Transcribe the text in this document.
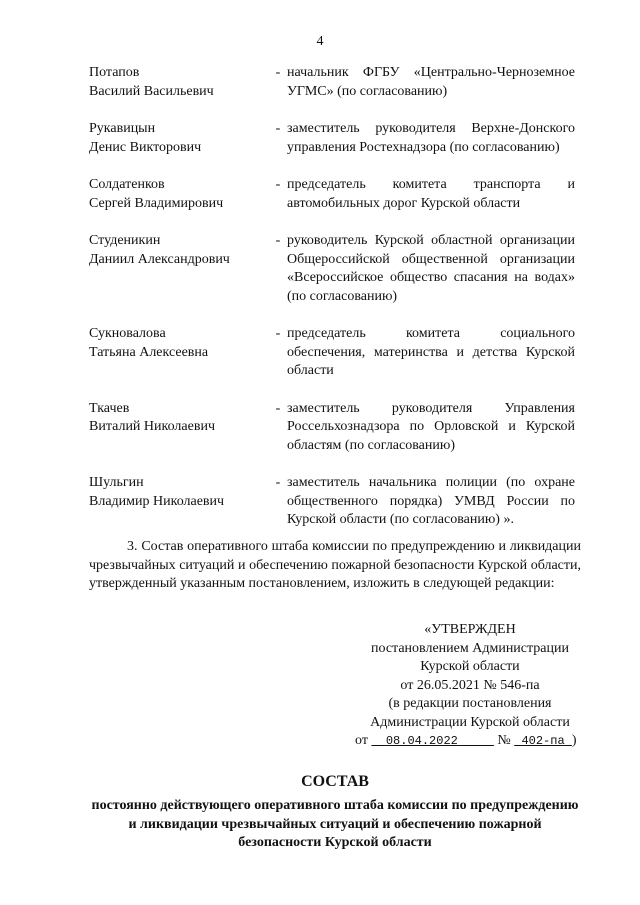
4
Потапов
Василий Васильевич
- начальник ФГБУ «Центрально-Черноземное УГМС» (по согласованию)
Рукавицын
Денис Викторович
- заместитель руководителя Верхне-Донского управления Ростехнадзора (по согласованию)
Солдатенков
Сергей Владимирович
- председатель комитета транспорта и автомобильных дорог Курской области
Студеникин
Даниил Александрович
- руководитель Курской областной организации Общероссийской общественной организации «Всероссийское общество спасания на водах» (по согласованию)
Сукновалова
Татьяна Алексеевна
- председатель комитета социального обеспечения, материнства и детства Курской области
Ткачев
Виталий Николаевич
- заместитель руководителя Управления Россельхознадзора по Орловской и Курской областям (по согласованию)
Шульгин
Владимир Николаевич
- заместитель начальника полиции (по охране общественного порядка) УМВД России по Курской области (по согласованию) ».
3. Состав оперативного штаба комиссии по предупреждению и ликвидации чрезвычайных ситуаций и обеспечению пожарной безопасности Курской области, утвержденный указанным постановлением, изложить в следующей редакции:
«УТВЕРЖДЕН
постановлением Администрации
Курской области
от 26.05.2021 № 546-па
(в редакции постановления
Администрации Курской области
от 08.04.2022	№ 402-па )
СОСТАВ
постоянно действующего оперативного штаба комиссии по предупреждению и ликвидации чрезвычайных ситуаций и обеспечению пожарной безопасности Курской области
